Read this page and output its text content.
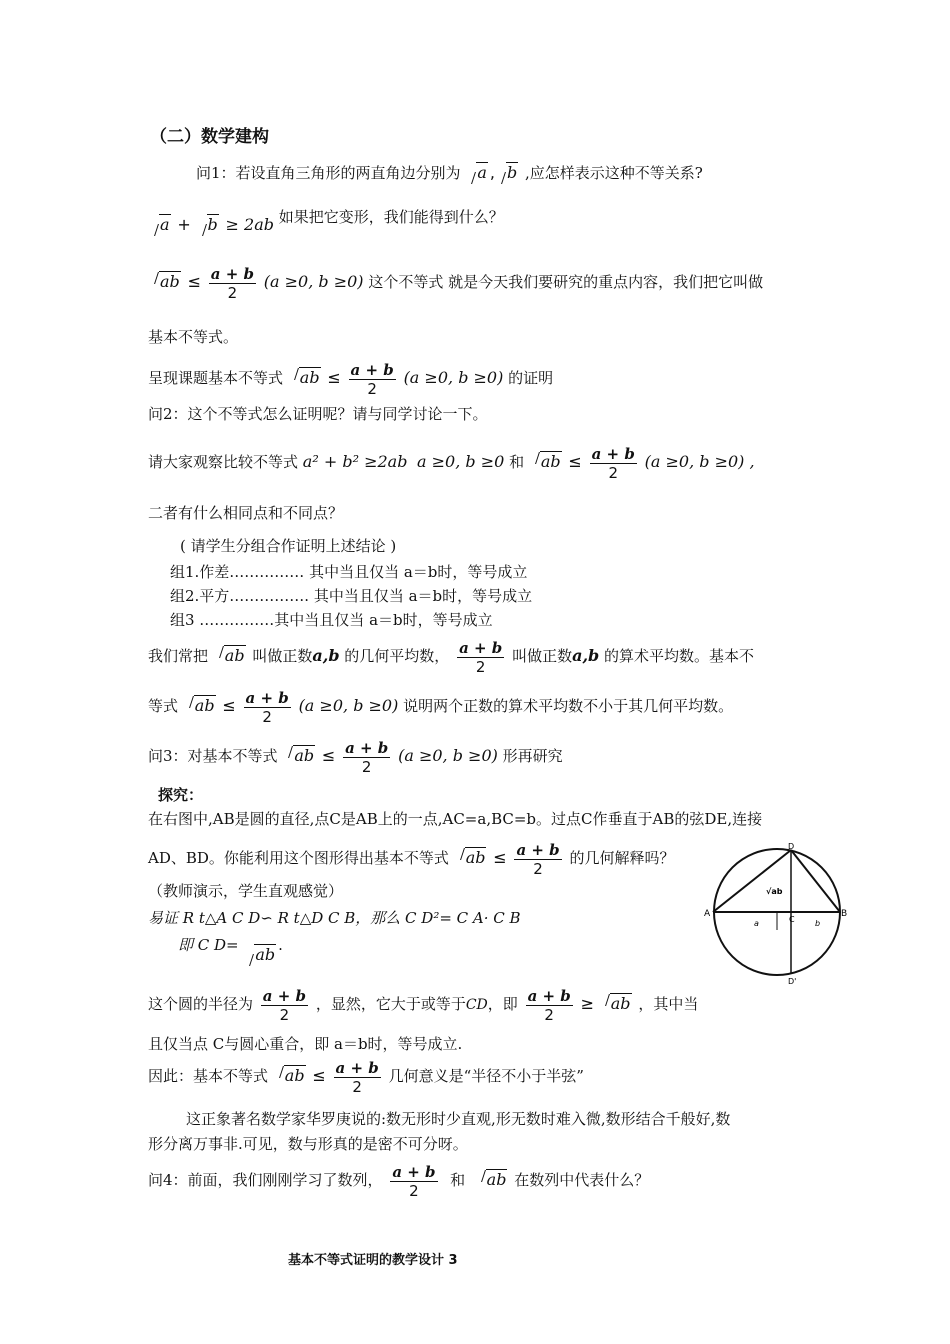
（二）数学建构
问1：若设直角三角形的两直角边分别为 a , b ,应怎样表示这种不等关系?
a + b ≥ 2ab 如果把它变形，我们能得到什么？
ab ≤ $\frac{a + b}{2} (a \ge 0$, b ≥0) 这个不等式 就是今天我们要研究的重点内容，我们把它叫做
基本不等式。
呈现课题基本不等式 ab ≤ $\frac{a + b}{2} (a \ge 0$, b ≥0) 的证明
问2：这个不等式怎么证明呢？请与同学讨论一下。
请大家观察比较不等式 a² + b² ≥2ab a ≥0, b ≥0 和 ab ≤ $\frac{a + b}{2} (a \ge 0$, b ≥0) ,
二者有什么相同点和不同点？
( 请学生分组合作证明上述结论 )
组1.作差…………… 其中当且仅当 a＝b时，等号成立
组2.平方……………. 其中当且仅当 a＝b时，等号成立
组3 ……………其中当且仅当 a＝b时，等号成立
我们常把 ab 叫做正数a,b 的几何平均数， $\frac{a + b}{2}$ 叫做正数a,b 的算术平均数。基本不
等式 ab ≤ $\frac{a + b}{2} (a \ge 0$, b ≥0) 说明两个正数的算术平均数不小于其几何平均数。
问3：对基本不等式 ab ≤ $\frac{a + b}{2} (a \ge 0$, b ≥0) 形再研究
探究：
在右图中,AB是圆的直径,点C是AB上的一点,AC=a,BC=b。过点C作垂直于AB的弦DE,连接
AD、BD。你能利用这个图形得出基本不等式 ab ≤ $\frac{a + b}{2}$ 的几何解释吗？
（教师演示，学生直观感觉）
易证 R t△A C D∽ R t△D C B，那么 C D²= C A· C B
即 C D= ab .
A	B
C
D
D'
a	b
√ab
这个圆的半径为 $\frac{a + b}{2}$ ，显然，它大于或等于CD，即 $\frac{a + b}{2}$ ≥ ab ，其中当
且仅当点 C与圆心重合，即 a＝b时，等号成立.
因此：基本不等式 ab ≤ $\frac{a + b}{2}$ 几何意义是“半径不小于半弦”
这正象著名数学家华罗庚说的:数无形时少直观,形无数时难入微,数形结合千般好,数
形分离万事非.可见，数与形真的是密不可分呀。
问4：前面，我们刚刚学习了数列， $\frac{a + b}{2}$ 和 ab 在数列中代表什么？
基本不等式证明的教学设计 3
